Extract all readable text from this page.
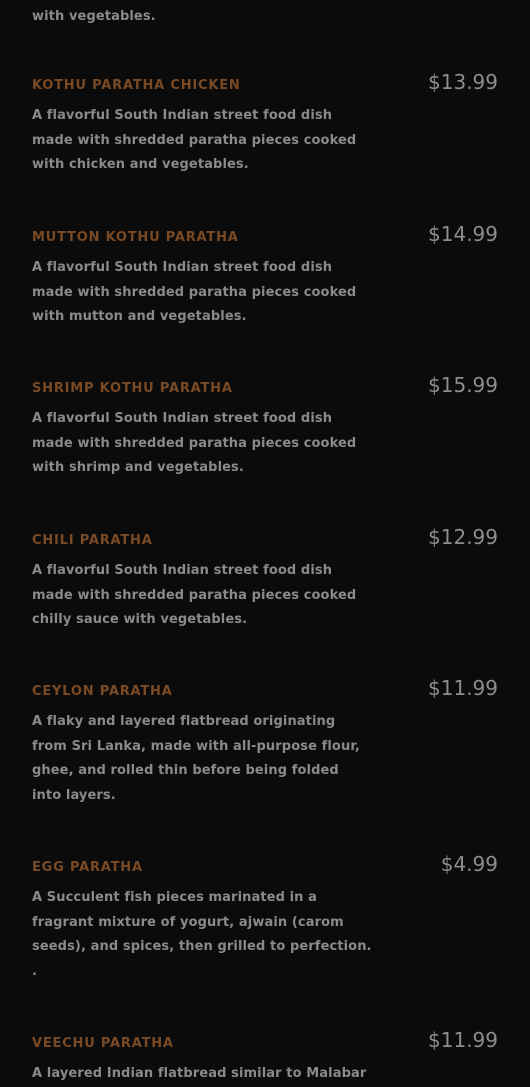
with vegetables.
KOTHU PARATHA CHICKEN	$13.99
A flavorful South Indian street food dish made with shredded paratha pieces cooked with chicken and vegetables.
MUTTON KOTHU PARATHA	$14.99
A flavorful South Indian street food dish made with shredded paratha pieces cooked with mutton and vegetables.
SHRIMP KOTHU PARATHA	$15.99
A flavorful South Indian street food dish made with shredded paratha pieces cooked with shrimp and vegetables.
CHILI PARATHA	$12.99
A flavorful South Indian street food dish made with shredded paratha pieces cooked chilly sauce with vegetables.
CEYLON PARATHA	$11.99
A flaky and layered flatbread originating from Sri Lanka, made with all-purpose flour, ghee, and rolled thin before being folded into layers.
EGG PARATHA	$4.99
A Succulent fish pieces marinated in a fragrant mixture of yogurt, ajwain (carom seeds), and spices, then grilled to perfection. .
VEECHU PARATHA	$11.99
A layered Indian flatbread similar to Malabar
